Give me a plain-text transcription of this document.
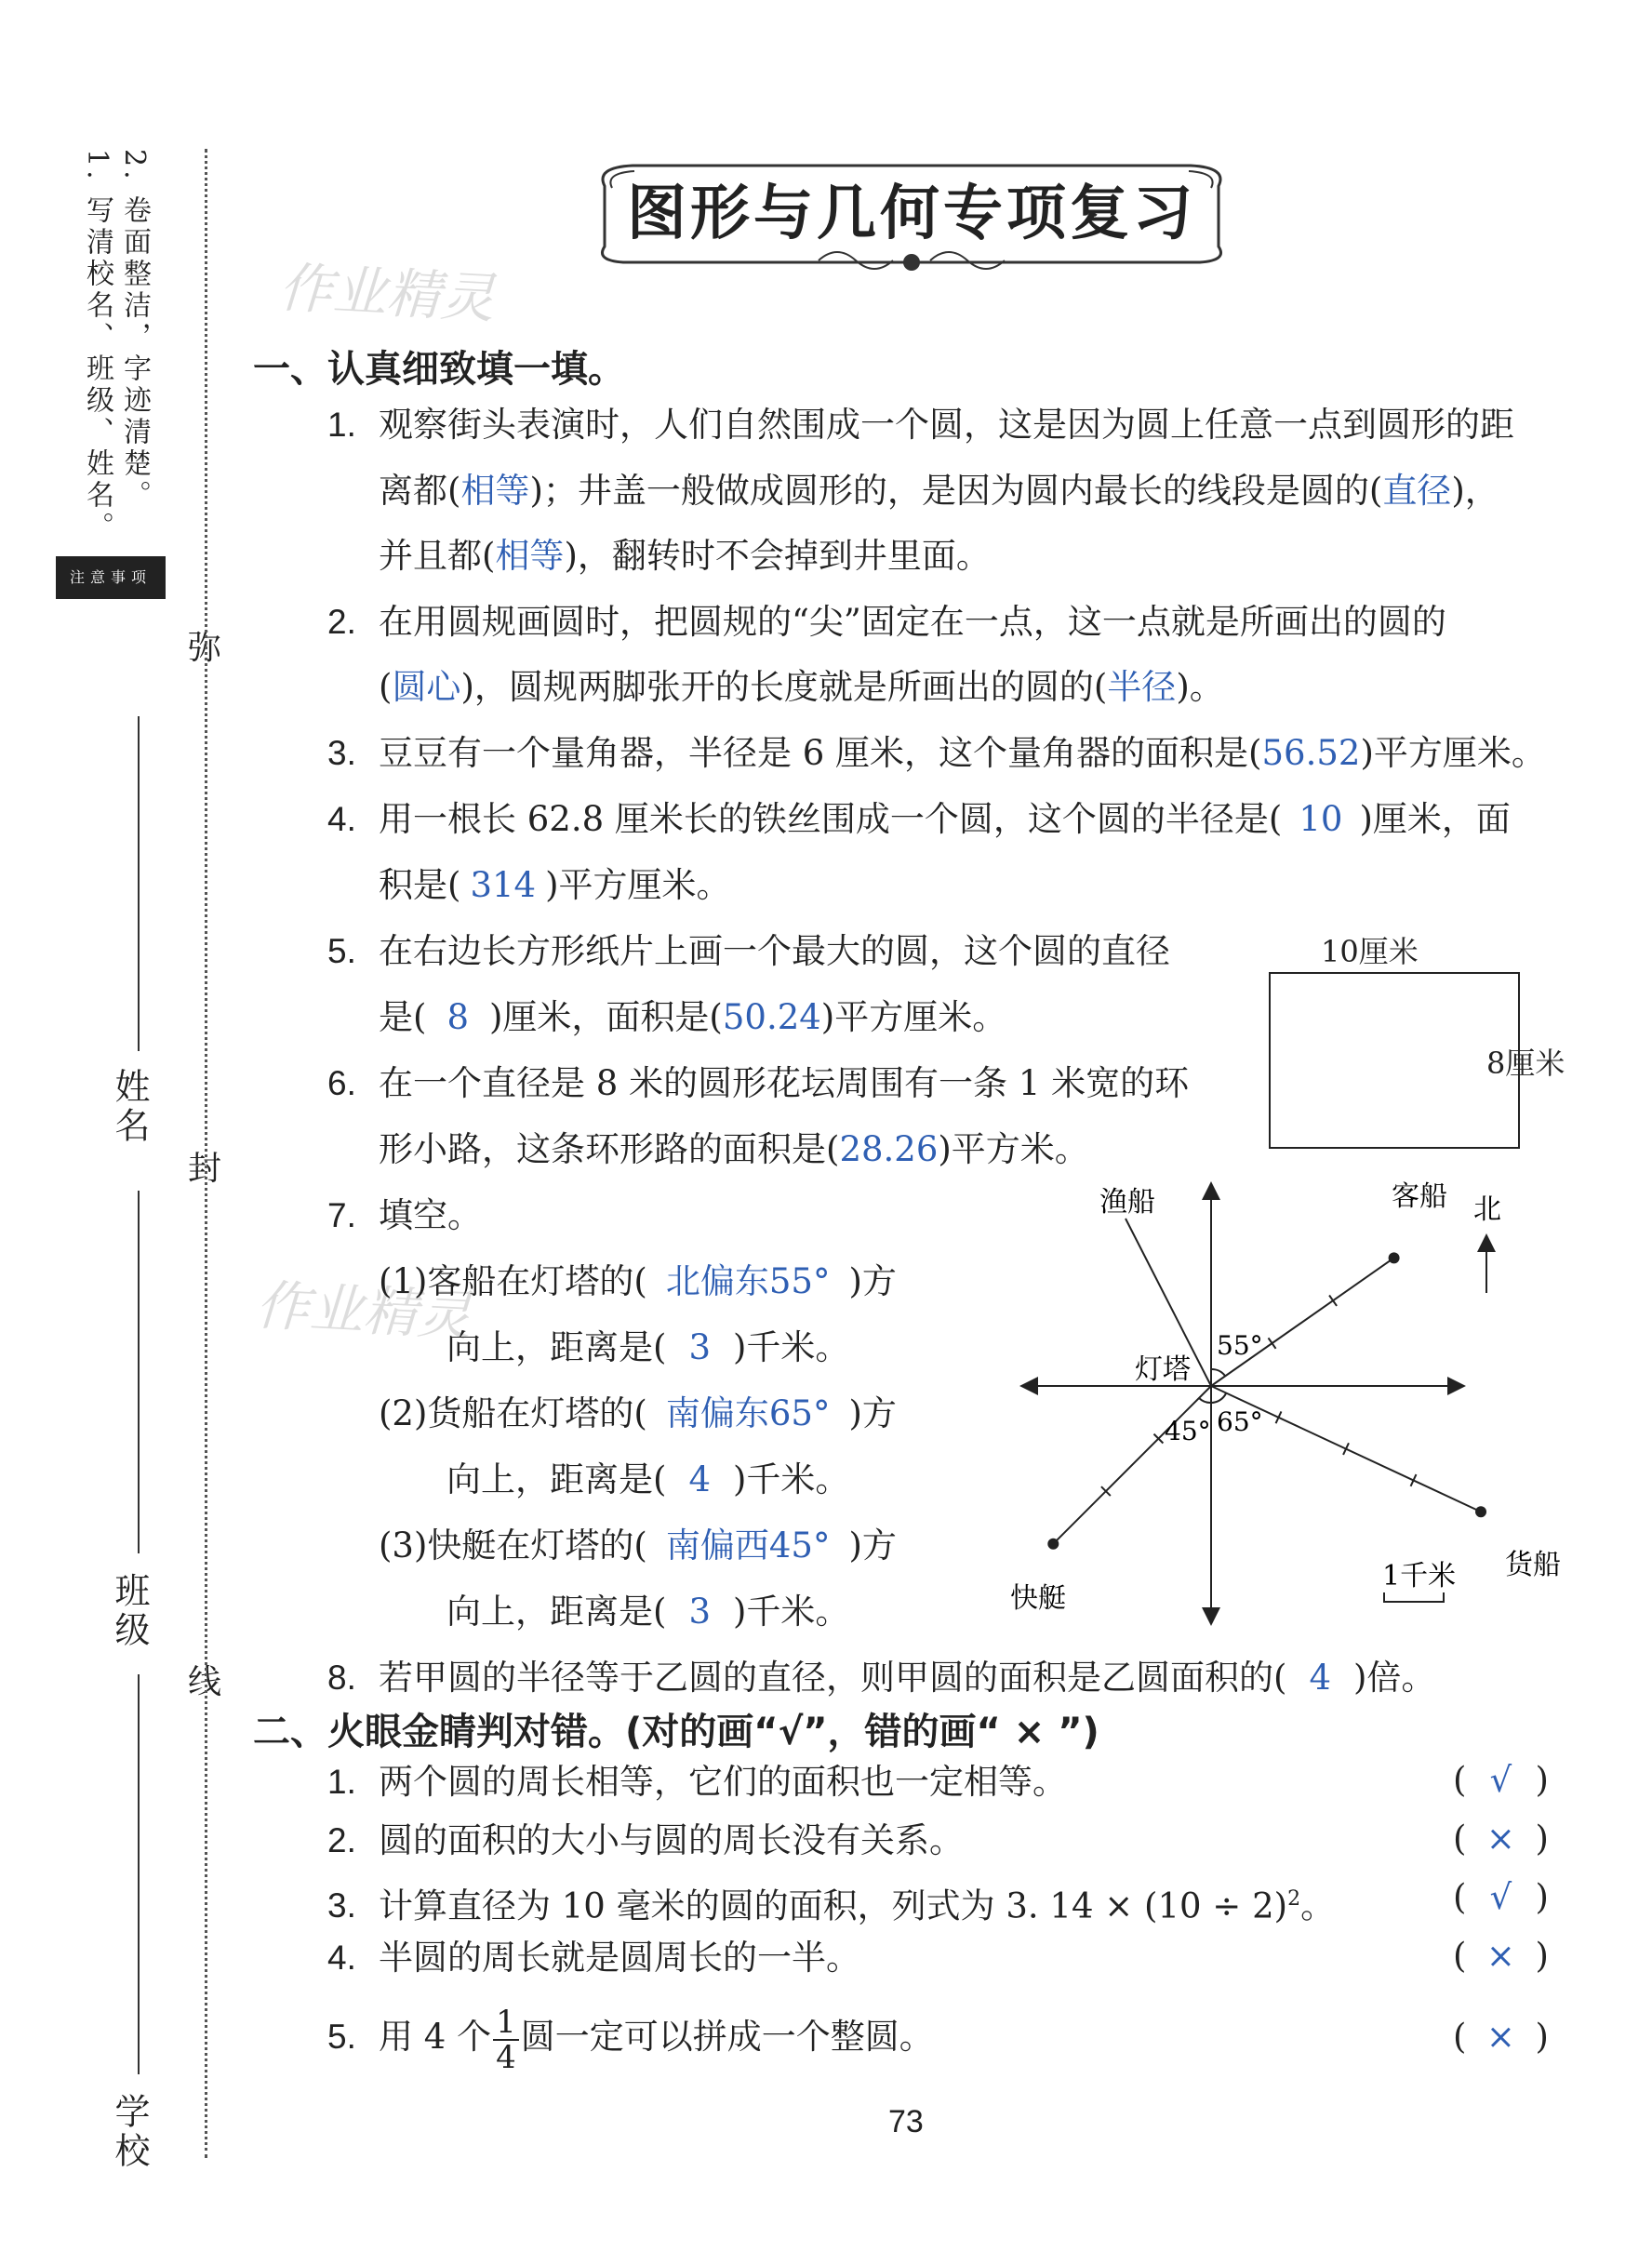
2. 卷面整洁，字迹清楚。
1. 写清校名、班级、姓名。
注意事项
弥
封
线
姓名
班级
学校
图形与几何专项复习
作业精灵
作业精灵
一、认真细致填一填。
1. 观察街头表演时，人们自然围成一个圆，这是因为圆上任意一点到圆形的距
离都(相等)；井盖一般做成圆形的，是因为圆内最长的线段是圆的(直径)，
并且都(相等)，翻转时不会掉到井里面。
2. 在用圆规画圆时，把圆规的“尖”固定在一点，这一点就是所画出的圆的
(圆心)，圆规两脚张开的长度就是所画出的圆的(半径)。
3. 豆豆有一个量角器，半径是 6 厘米，这个量角器的面积是(56.52)平方厘米。
4. 用一根长 62.8 厘米长的铁丝围成一个圆，这个圆的半径是( 10 )厘米，面
积是( 314 )平方厘米。
5. 在右边长方形纸片上画一个最大的圆，这个圆的直径
是( 8 )厘米，面积是(50.24)平方厘米。
10厘米
8厘米
6. 在一个直径是 8 米的圆形花坛周围有一条 1 米宽的环
形小路，这条环形路的面积是(28.26)平方米。
7. 填空。
(1)客船在灯塔的( 北偏东55° )方
向上，距离是( 3 )千米。
(2)货船在灯塔的( 南偏东65° )方
向上，距离是( 4 )千米。
(3)快艇在灯塔的( 南偏西45° )方
向上，距离是( 3 )千米。
渔船	客船 北
灯塔
55°
45° 65°
快艇
货船
1千米
8. 若甲圆的半径等于乙圆的直径，则甲圆的面积是乙圆面积的( 4 )倍。
二、火眼金睛判对错。(对的画“√”，错的画“ × ”)
1. 两个圆的周长相等，它们的面积也一定相等。
2. 圆的面积的大小与圆的周长没有关系。
3. 计算直径为 10 毫米的圆的面积，列式为 3. $14 \times (10 \div 2)^2$。
4. 半圆的周长就是圆周长的一半。
5. 用 4 个 $\frac{1}{4}$ 圆一定可以拼成一个整圆。
( √ )
( × )
( √ )
( × )
( × )
73
